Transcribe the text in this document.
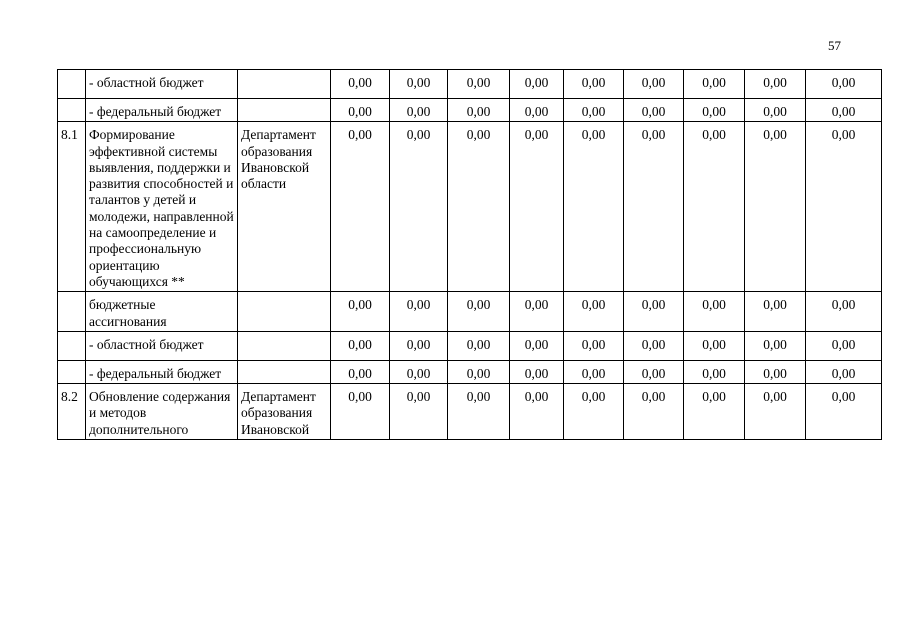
57
	- областной бюджет		0,00	0,00	0,00	0,00	0,00	0,00	0,00	0,00	0,00
	- федеральный бюджет		0,00	0,00	0,00	0,00	0,00	0,00	0,00	0,00	0,00
8.1	Формирование эффективной системы выявления, поддержки и развития способностей и талантов у детей и молодежи, направленной на самоопределение и профессиональную ориентацию обучающихся **	Департамент образования Ивановской области	0,00	0,00	0,00	0,00	0,00	0,00	0,00	0,00	0,00
	бюджетные ассигнования		0,00	0,00	0,00	0,00	0,00	0,00	0,00	0,00	0,00
	- областной бюджет		0,00	0,00	0,00	0,00	0,00	0,00	0,00	0,00	0,00
	- федеральный бюджет		0,00	0,00	0,00	0,00	0,00	0,00	0,00	0,00	0,00
8.2	Обновление содержания и методов дополнительного	Департамент образования Ивановской	0,00	0,00	0,00	0,00	0,00	0,00	0,00	0,00	0,00
